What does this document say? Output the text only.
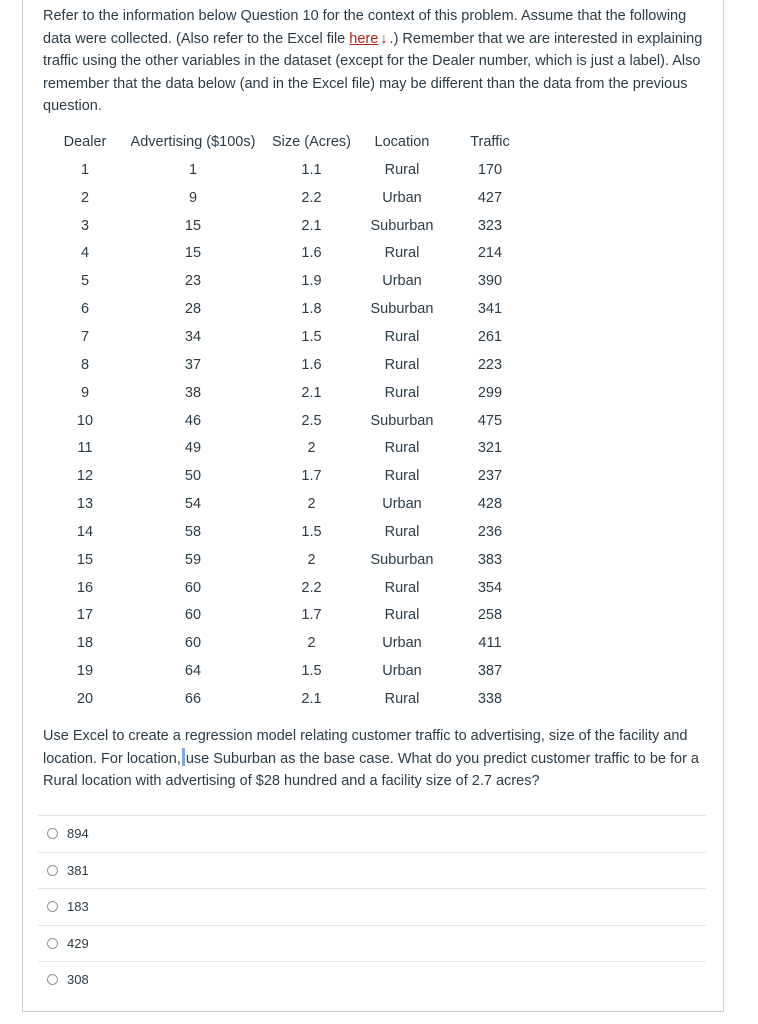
Refer to the information below Question 10 for the context of this problem. Assume that the following data were collected. (Also refer to the Excel file here ↓ .) Remember that we are interested in explaining traffic using the other variables in the dataset (except for the Dealer number, which is just a label). Also remember that the data below (and in the Excel file) may be different than the data from the previous question.
Dealer	Advertising ($100s)	Size (Acres)	Location	Traffic
1	1	1.1	Rural	170
2	9	2.2	Urban	427
3	15	2.1	Suburban	323
4	15	1.6	Rural	214
5	23	1.9	Urban	390
6	28	1.8	Suburban	341
7	34	1.5	Rural	261
8	37	1.6	Rural	223
9	38	2.1	Rural	299
10	46	2.5	Suburban	475
11	49	2	Rural	321
12	50	1.7	Rural	237
13	54	2	Urban	428
14	58	1.5	Rural	236
15	59	2	Suburban	383
16	60	2.2	Rural	354
17	60	1.7	Rural	258
18	60	2	Urban	411
19	64	1.5	Urban	387
20	66	2.1	Rural	338
Use Excel to create a regression model relating customer traffic to advertising, size of the facility and location. For location, use Suburban as the base case. What do you predict customer traffic to be for a Rural location with advertising of $28 hundred and a facility size of 2.7 acres?
894
381
183
429
308
